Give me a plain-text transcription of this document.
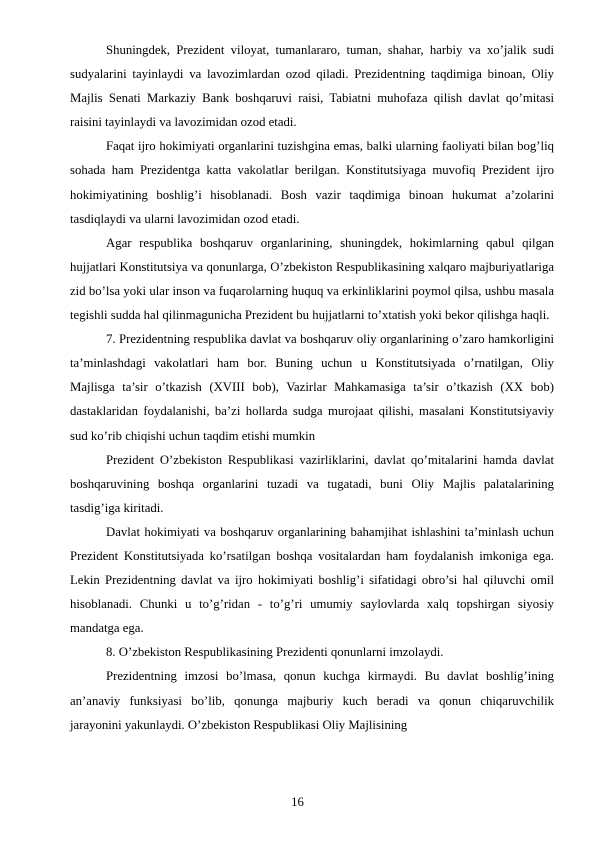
Shuningdek, Prezident viloyat, tumanlararo, tuman, shahar, harbiy va xo’jalik sudi sudyalarini tayinlaydi va lavozimlardan ozod qiladi. Prezidentning taqdimiga binoan, Oliy Majlis Senati Markaziy Bank boshqaruvi raisi, Tabiatni muhofaza qilish davlat qo’mitasi raisini tayinlaydi va lavozimidan ozod etadi.

Faqat ijro hokimiyati organlarini tuzishgina emas, balki ularning faoliyati bilan bog’liq sohada ham Prezidentga katta vakolatlar berilgan. Konstitutsiyaga muvofiq Prezident ijro hokimiyatining boshlig’i hisoblanadi. Bosh vazir taqdimiga binoan hukumat a’zolarini tasdiqlaydi va ularni lavozimidan ozod etadi.

Agar respublika boshqaruv organlarining, shuningdek, hokimlarning qabul qilgan hujjatlari Konstitutsiya va qonunlarga, O’zbekiston Respublikasining xalqaro majburiyatlariga zid bo’lsa yoki ular inson va fuqarolarning huquq va erkinliklarini poymol qilsa, ushbu masala tegishli sudda hal qilinmagunicha Prezident bu hujjatlarni to’xtatish yoki bekor qilishga haqli.

7. Prezidentning respublika davlat va boshqaruv oliy organlarining o’zaro hamkorligini ta’minlashdagi vakolatlari ham bor. Buning uchun u Konstitutsiyada o’rnatilgan, Oliy Majlisga ta’sir o’tkazish (XVIII bob), Vazirlar Mahkamasiga ta’sir o’tkazish (XX bob) dastaklaridan foydalanishi, ba’zi hollarda sudga murojaat qilishi, masalani Konstitutsiyaviy sud ko’rib chiqishi uchun taqdim etishi mumkin

Prezident O’zbekiston Respublikasi vazirliklarini, davlat qo’mitalarini hamda davlat boshqaruvining boshqa organlarini tuzadi va tugatadi, buni Oliy Majlis palatalarining tasdig’iga kiritadi.

Davlat hokimiyati va boshqaruv organlarining bahamjihat ishlashini ta’minlash uchun Prezident Konstitutsiyada ko’rsatilgan boshqa vositalardan ham foydalanish imkoniga ega. Lekin Prezidentning davlat va ijro hokimiyati boshlig’i sifatidagi obro’si hal qiluvchi omil hisoblanadi. Chunki u to’g’ridan - to’g’ri umumiy saylovlarda xalq topshirgan siyosiy mandatga ega.

8. O’zbekiston Respublikasining Prezidenti qonunlarni imzolaydi.

Prezidentning imzosi bo’lmasa, qonun kuchga kirmaydi. Bu davlat boshlig’ining an’anaviy funksiyasi bo’lib, qonunga majburiy kuch beradi va qonun chiqaruvchilik jarayonini yakunlaydi. O’zbekiston Respublikasi Oliy Majlisining

16
